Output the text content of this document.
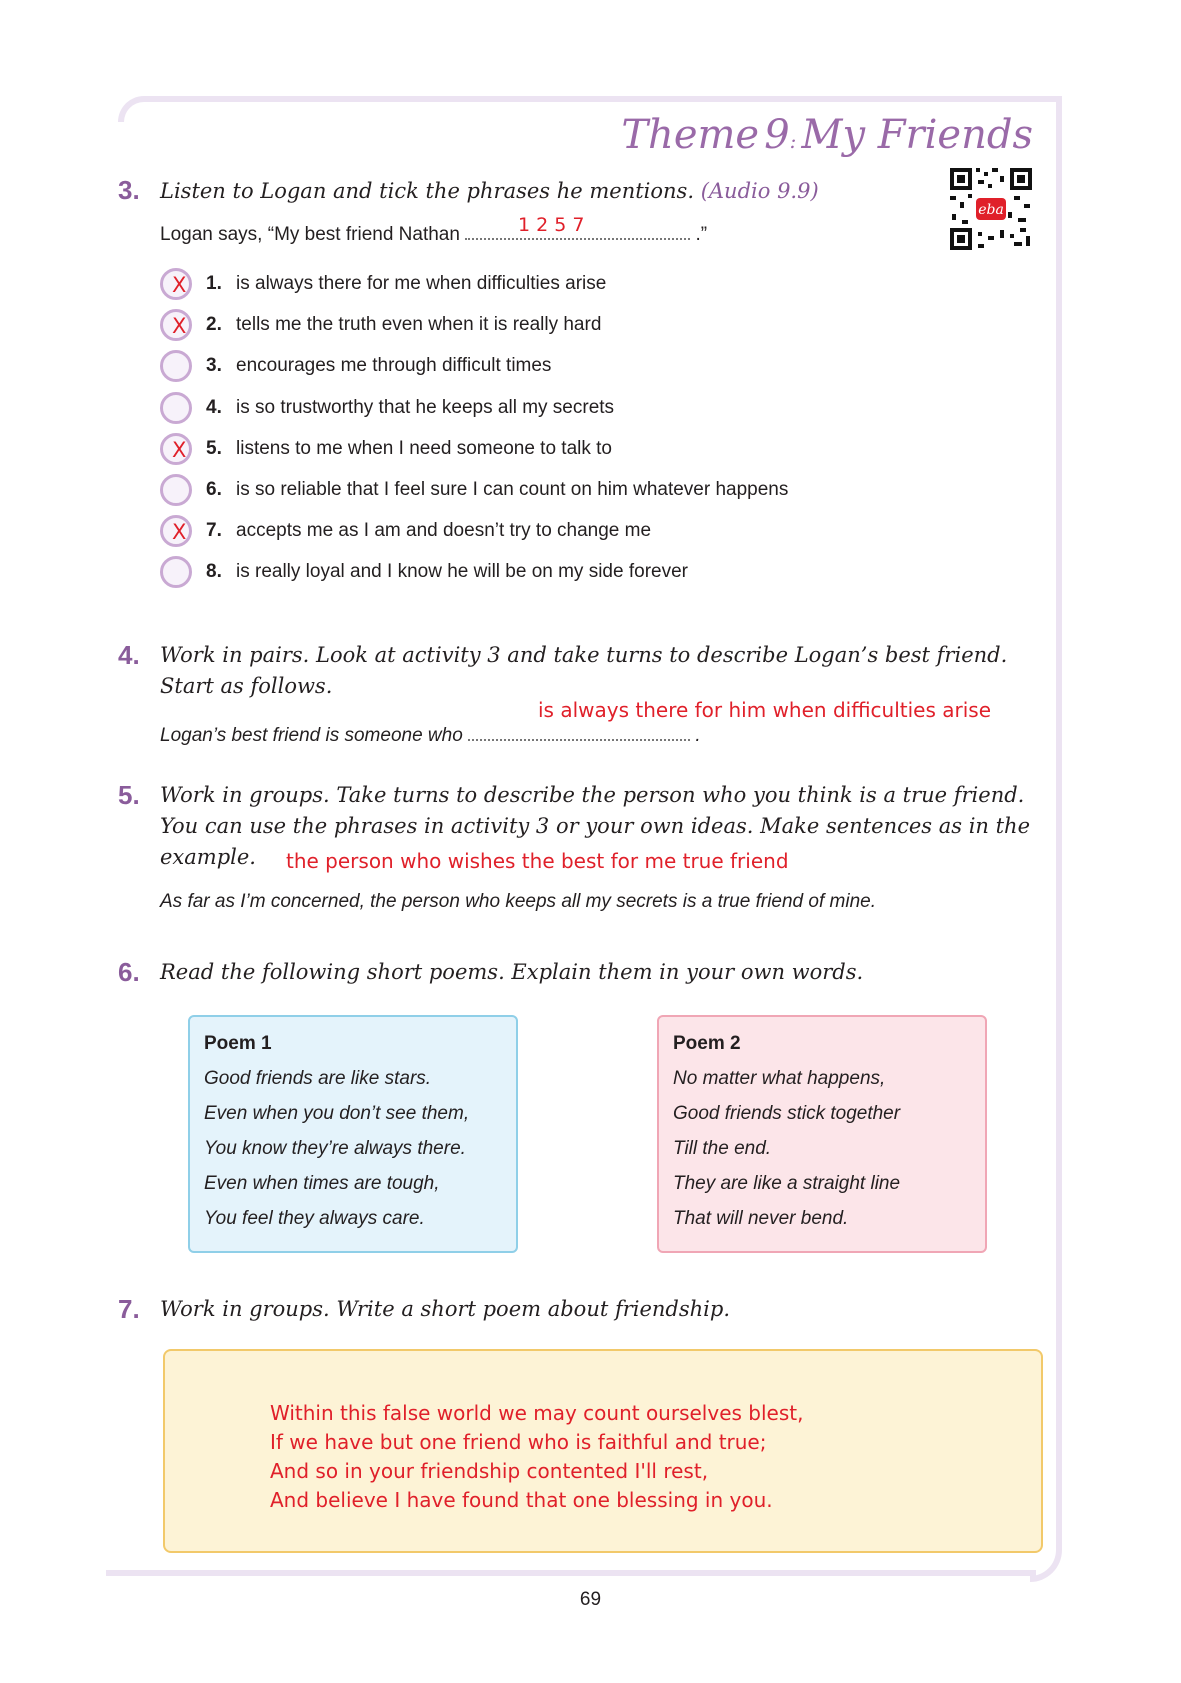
Theme 9: My Friends
eba
3. Listen to Logan and tick the phrases he mentions. (Audio 9.9)
Logan says, “My best friend Nathan	.”
1 2 5 7
X 1. is always there for me when difficulties arise
X 2. tells me the truth even when it is really hard
3. encourages me through difficult times
4. is so trustworthy that he keeps all my secrets
X 5. listens to me when I need someone to talk to
6. is so reliable that I feel sure I can count on him whatever happens
X 7. accepts me as I am and doesn’t try to change me
8. is really loyal and I know he will be on my side forever
4. Work in pairs. Look at activity 3 and take turns to describe Logan’s best friend.
Start as follows.
is always there for him when difficulties arise
Logan’s best friend is someone who	.
5. Work in groups. Take turns to describe the person who you think is a true friend.
You can use the phrases in activity 3 or your own ideas. Make sentences as in the
example.	the person who wishes the best for me true friend
As far as I’m concerned, the person who keeps all my secrets is a true friend of mine.
6. Read the following short poems. Explain them in your own words.
Poem 1
Good friends are like stars.
Even when you don’t see them,
You know they’re always there.
Even when times are tough,
You feel they always care.
Poem 2
No matter what happens,
Good friends stick together
Till the end.
They are like a straight line
That will never bend.
7. Work in groups. Write a short poem about friendship.
Within this false world we may count ourselves blest,
If we have but one friend who is faithful and true;
And so in your friendship contented I'll rest,
And believe I have found that one blessing in you.
69
